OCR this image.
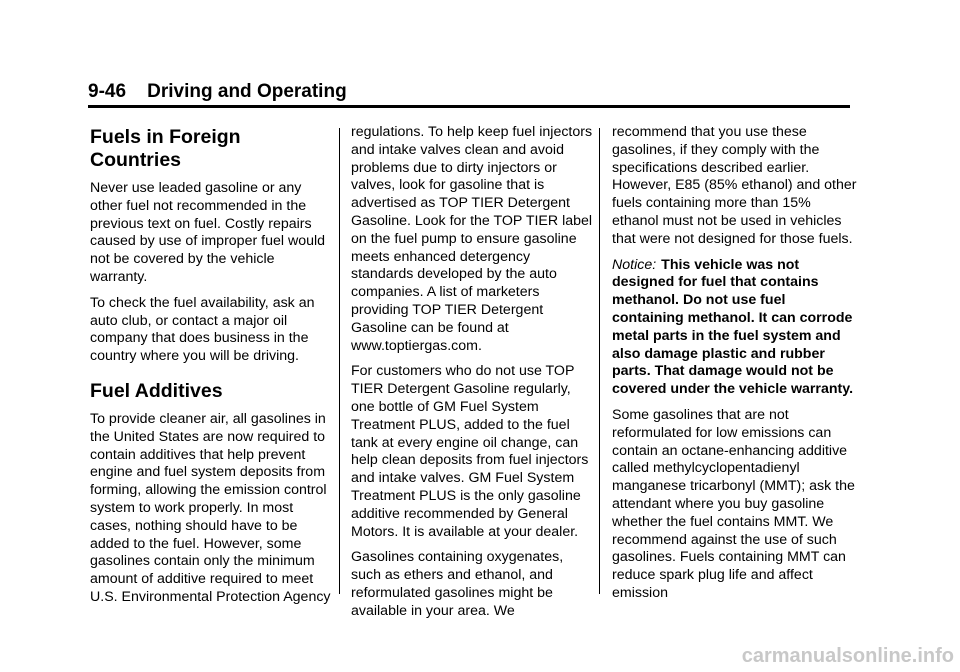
9-46 Driving and Operating
Fuels in Foreign
Countries

Never use leaded gasoline or any other fuel not recommended in the previous text on fuel. Costly repairs caused by use of improper fuel would not be covered by the vehicle warranty.

To check the fuel availability, ask an auto club, or contact a major oil company that does business in the country where you will be driving.

Fuel Additives

To provide cleaner air, all gasolines in the United States are now required to contain additives that help prevent engine and fuel system deposits from forming, allowing the emission control system to work properly. In most cases, nothing should have to be added to the fuel. However, some gasolines contain only the minimum amount of additive required to meet U.S. Environmental Protection Agency

regulations. To help keep fuel injectors and intake valves clean and avoid problems due to dirty injectors or valves, look for gasoline that is advertised as TOP TIER Detergent Gasoline. Look for the TOP TIER label on the fuel pump to ensure gasoline meets enhanced detergency standards developed by the auto companies. A list of marketers providing TOP TIER Detergent Gasoline can be found at www.toptiergas.com.

For customers who do not use TOP TIER Detergent Gasoline regularly, one bottle of GM Fuel System Treatment PLUS, added to the fuel tank at every engine oil change, can help clean deposits from fuel injectors and intake valves. GM Fuel System Treatment PLUS is the only gasoline additive recommended by General Motors. It is available at your dealer.

Gasolines containing oxygenates, such as ethers and ethanol, and reformulated gasolines might be available in your area. We

recommend that you use these gasolines, if they comply with the specifications described earlier. However, E85 (85% ethanol) and other fuels containing more than 15% ethanol must not be used in vehicles that were not designed for those fuels.

Notice: This vehicle was not designed for fuel that contains methanol. Do not use fuel containing methanol. It can corrode metal parts in the fuel system and also damage plastic and rubber parts. That damage would not be covered under the vehicle warranty.

Some gasolines that are not reformulated for low emissions can contain an octane-enhancing additive called methylcyclopentadienyl manganese tricarbonyl (MMT); ask the attendant where you buy gasoline whether the fuel contains MMT. We recommend against the use of such gasolines. Fuels containing MMT can reduce spark plug life and affect emission

carmanualsonline.info
